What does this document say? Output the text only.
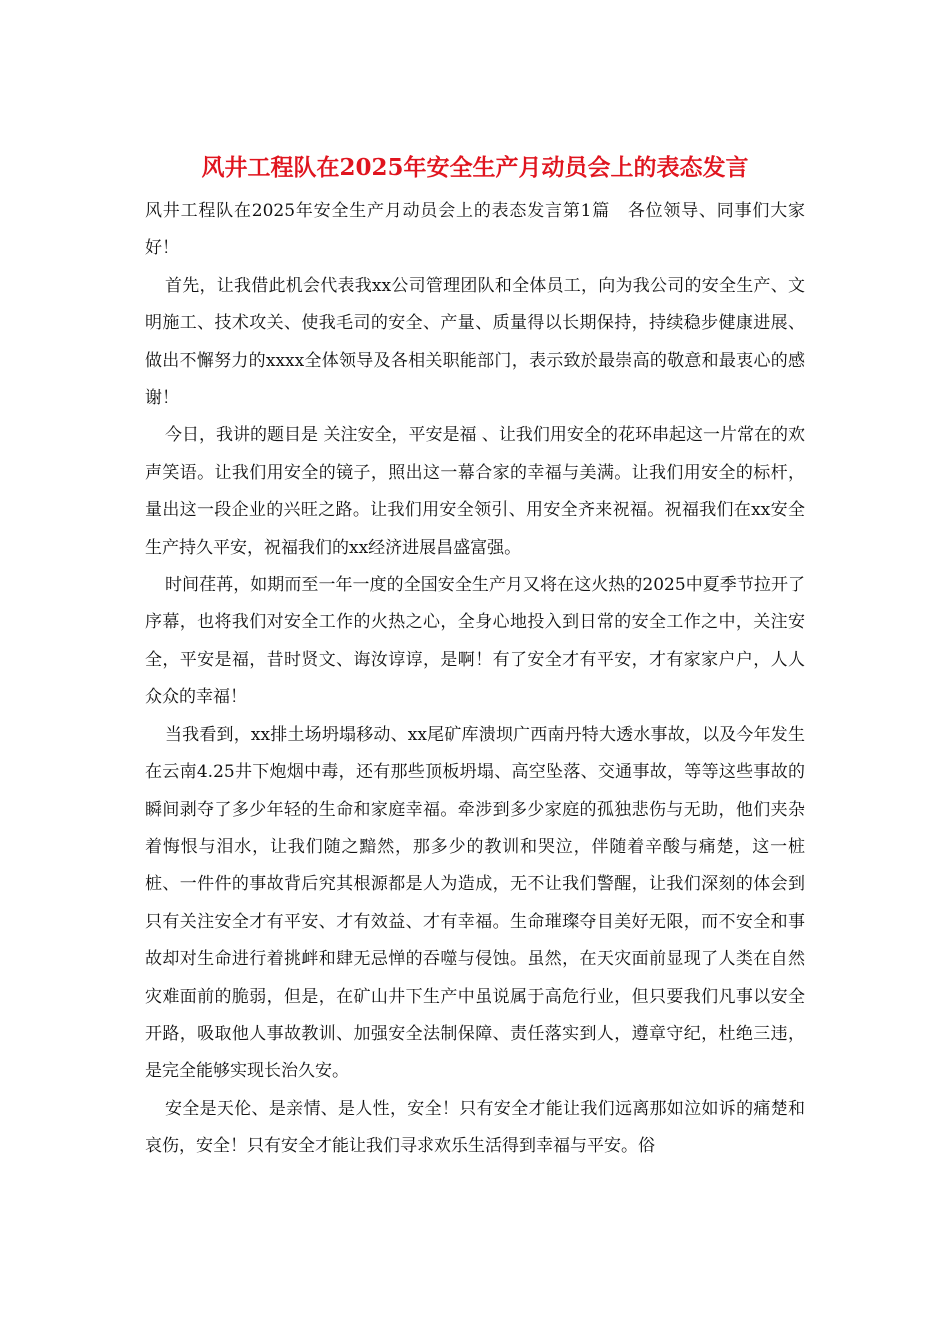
风井工程队在2025年安全生产月动员会上的表态发言

风井工程队在2025年安全生产月动员会上的表态发言第1篇　各位领导、同事们大家好！

首先，让我借此机会代表我xx公司管理团队和全体员工，向为我公司的安全生产、文明施工、技术攻关、使我毛司的安全、产量、质量得以长期保持，持续稳步健康进展、做出不懈努力的xxxx全体领导及各相关职能部门，表示致於最崇高的敬意和最衷心的感谢！

今日，我讲的题目是 关注安全，平安是福 、让我们用安全的花环串起这一片常在的欢声笑语。让我们用安全的镜子，照出这一幕合家的幸福与美满。让我们用安全的标杆，量出这一段企业的兴旺之路。让我们用安全领引、用安全齐来祝福。祝福我们在xx安全生产持久平安，祝福我们的xx经济进展昌盛富强。

时间荏苒，如期而至一年一度的全国安全生产月又将在这火热的2025中夏季节拉开了序幕，也将我们对安全工作的火热之心，全身心地投入到日常的安全工作之中，关注安全，平安是福，昔时贤文、诲汝谆谆，是啊！有了安全才有平安，才有家家户户，人人众众的幸福！

当我看到，xx排土场坍塌移动、xx尾矿库溃坝广西南丹特大透水事故，以及今年发生在云南4.25井下炮烟中毒，还有那些顶板坍塌、高空坠落、交通事故，等等这些事故的瞬间剥夺了多少年轻的生命和家庭幸福。牵涉到多少家庭的孤独悲伤与无助，他们夹杂着悔恨与泪水，让我们随之黯然，那多少的教训和哭泣，伴随着辛酸与痛楚，这一桩桩、一件件的事故背后究其根源都是人为造成，无不让我们警醒，让我们深刻的体会到只有关注安全才有平安、才有效益、才有幸福。生命璀璨夺目美好无限，而不安全和事故却对生命进行着挑衅和肆无忌惮的吞噬与侵蚀。虽然，在天灾面前显现了人类在自然灾难面前的脆弱，但是，在矿山井下生产中虽说属于高危行业，但只要我们凡事以安全开路，吸取他人事故教训、加强安全法制保障、责任落实到人，遵章守纪，杜绝三违，是完全能够实现长治久安。

安全是天伦、是亲情、是人性，安全！只有安全才能让我们远离那如泣如诉的痛楚和哀伤，安全！只有安全才能让我们寻求欢乐生活得到幸福与平安。俗
